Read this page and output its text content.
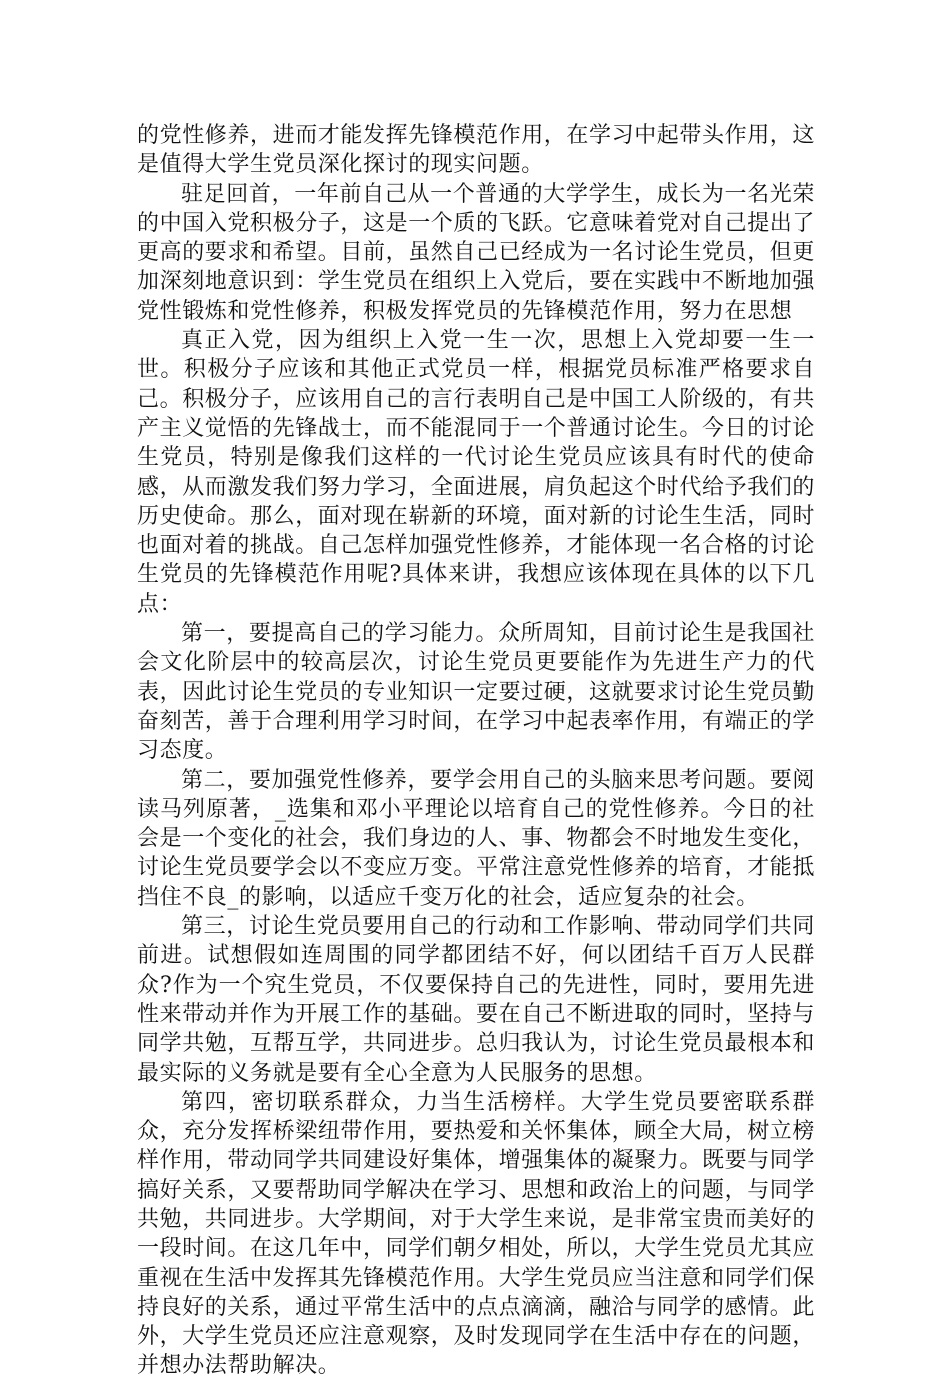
的党性修养，进而才能发挥先锋模范作用，在学习中起带头作用，这是值得大学生党员深化探讨的现实问题。

驻足回首，一年前自己从一个普通的大学学生，成长为一名光荣的中国入党积极分子，这是一个质的飞跃。它意味着党对自己提出了更高的要求和希望。目前，虽然自己已经成为一名讨论生党员，但更加深刻地意识到：学生党员在组织上入党后，要在实践中不断地加强党性锻炼和党性修养，积极发挥党员的先锋模范作用，努力在思想

真正入党，因为组织上入党一生一次，思想上入党却要一生一世。积极分子应该和其他正式党员一样，根据党员标准严格要求自己。积极分子，应该用自己的言行表明自己是中国工人阶级的，有共产主义觉悟的先锋战士，而不能混同于一个普通讨论生。今日的讨论生党员，特别是像我们这样的一代讨论生党员应该具有时代的使命感，从而激发我们努力学习，全面进展，肩负起这个时代给予我们的历史使命。那么，面对现在崭新的环境，面对新的讨论生生活，同时也面对着的挑战。自己怎样加强党性修养，才能体现一名合格的讨论生党员的先锋模范作用呢?具体来讲，我想应该体现在具体的以下几点：

第一，要提高自己的学习能力。众所周知，目前讨论生是我国社会文化阶层中的较高层次，讨论生党员更要能作为先进生产力的代表，因此讨论生党员的专业知识一定要过硬，这就要求讨论生党员勤奋刻苦，善于合理利用学习时间，在学习中起表率作用，有端正的学习态度。

第二，要加强党性修养，要学会用自己的头脑来思考问题。要阅读马列原著，_选集和邓小平理论以培育自己的党性修养。今日的社会是一个变化的社会，我们身边的人、事、物都会不时地发生变化，讨论生党员要学会以不变应万变。平常注意党性修养的培育，才能抵挡住不良_的影响，以适应千变万化的社会，适应复杂的社会。

第三，讨论生党员要用自己的行动和工作影响、带动同学们共同前进。试想假如连周围的同学都团结不好，何以团结千百万人民群众?作为一个究生党员，不仅要保持自己的先进性，同时，要用先进性来带动并作为开展工作的基础。要在自己不断进取的同时，坚持与同学共勉，互帮互学，共同进步。总归我认为，讨论生党员最根本和最实际的义务就是要有全心全意为人民服务的思想。

第四，密切联系群众，力当生活榜样。大学生党员要密联系群众，充分发挥桥梁纽带作用，要热爱和关怀集体，顾全大局，树立榜样作用，带动同学共同建设好集体，增强集体的凝聚力。既要与同学搞好关系，又要帮助同学解决在学习、思想和政治上的问题，与同学共勉，共同进步。大学期间，对于大学生来说，是非常宝贵而美好的一段时间。在这几年中，同学们朝夕相处，所以，大学生党员尤其应重视在生活中发挥其先锋模范作用。大学生党员应当注意和同学们保持良好的关系，通过平常生活中的点点滴滴，融洽与同学的感情。此外，大学生党员还应注意观察，及时发现同学在生活中存在的问题，并想办法帮助解决。
